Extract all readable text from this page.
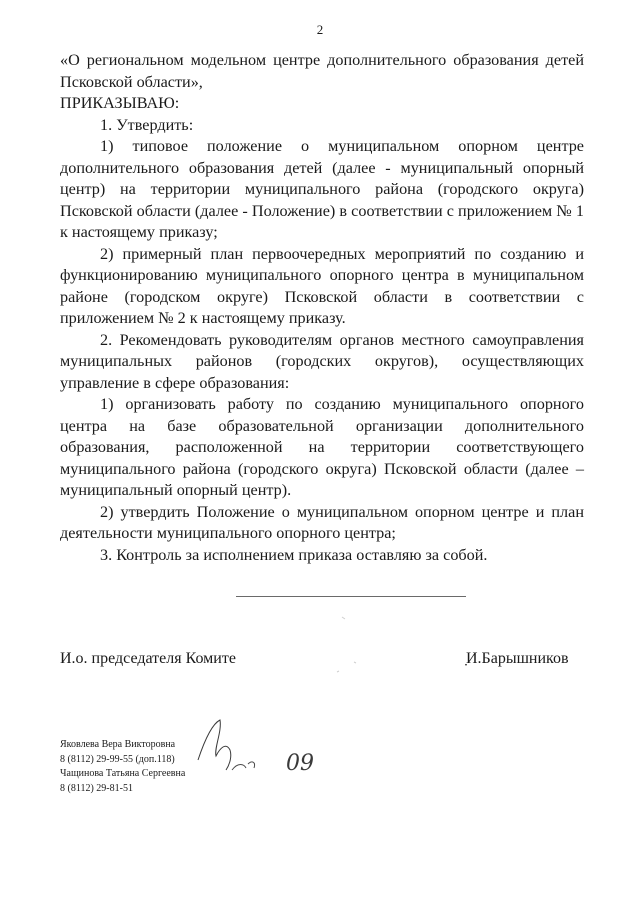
2

«О региональном модельном центре дополнительного образования детей Псковской области»,

ПРИКАЗЫВАЮ:

1. Утвердить:

1) типовое положение о муниципальном опорном центре дополнительного образования детей (далее - муниципальный опорный центр) на территории муниципального района (городского округа) Псковской области (далее - Положение) в соответствии с приложением № 1 к настоящему приказу;

2) примерный план первоочередных мероприятий по созданию и функционированию муниципального опорного центра в муниципальном районе (городском округе) Псковской области в соответствии с приложением № 2 к настоящему приказу.

2. Рекомендовать руководителям органов местного самоуправления муниципальных районов (городских округов), осуществляющих управление в сфере образования:

1) организовать работу по созданию муниципального опорного центра на базе образовательной организации дополнительного образования, расположенной на территории соответствующего муниципального района (городского округа) Псковской области (далее – муниципальный опорный центр).

2) утвердить Положение о муниципальном опорном центре и план деятельности муниципального опорного центра;

3. Контроль за исполнением приказа оставляю за собой.

И.о. председателя Комите	̣И.Барышников
Яковлева Вера Викторовна
8 (8112) 29-99-55 (доп.118)
Чащинова Татьяна Сергеевна
8 (8112) 29-81-51
09
